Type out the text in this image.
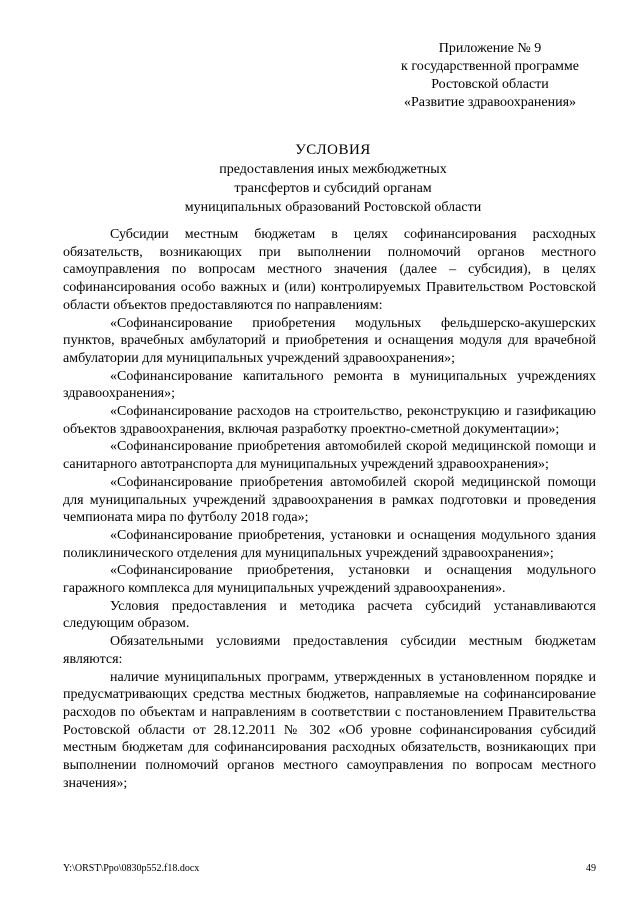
Приложение № 9
к государственной программе
Ростовской области
«Развитие здравоохранения»
УСЛОВИЯ
предоставления иных межбюджетных
трансфертов и субсидий органам
муниципальных образований Ростовской области

Субсидии местным бюджетам в целях софинансирования расходных обязательств, возникающих при выполнении полномочий органов местного самоуправления по вопросам местного значения (далее – субсидия), в целях софинансирования особо важных и (или) контролируемых Правительством Ростовской области объектов предоставляются по направлениям:

«Софинансирование приобретения модульных фельдшерско-акушерских пунктов, врачебных амбулаторий и приобретения и оснащения модуля для врачебной амбулатории для муниципальных учреждений здравоохранения»;

«Софинансирование капитального ремонта в муниципальных учреждениях здравоохранения»;

«Софинансирование расходов на строительство, реконструкцию и газификацию объектов здравоохранения, включая разработку проектно-сметной документации»;

«Софинансирование приобретения автомобилей скорой медицинской помощи и санитарного автотранспорта для муниципальных учреждений здравоохранения»;

«Софинансирование приобретения автомобилей скорой медицинской помощи для муниципальных учреждений здравоохранения в рамках подготовки и проведения чемпионата мира по футболу 2018 года»;

«Софинансирование приобретения, установки и оснащения модульного здания поликлинического отделения для муниципальных учреждений здравоохранения»;

«Софинансирование приобретения, установки и оснащения модульного гаражного комплекса для муниципальных учреждений здравоохранения».

Условия предоставления и методика расчета субсидий устанавливаются следующим образом.

Обязательными условиями предоставления субсидии местным бюджетам являются:

наличие муниципальных программ, утвержденных в установленном порядке и предусматривающих средства местных бюджетов, направляемые на софинансирование расходов по объектам и направлениям в соответствии с постановлением Правительства Ростовской области от 28.12.2011 № 302 «Об уровне софинансирования субсидий местным бюджетам для софинансирования расходных обязательств, возникающих при выполнении полномочий органов местного самоуправления по вопросам местного значения»;

Y:\ORST\Ppo\0830p552.f18.docx	49
